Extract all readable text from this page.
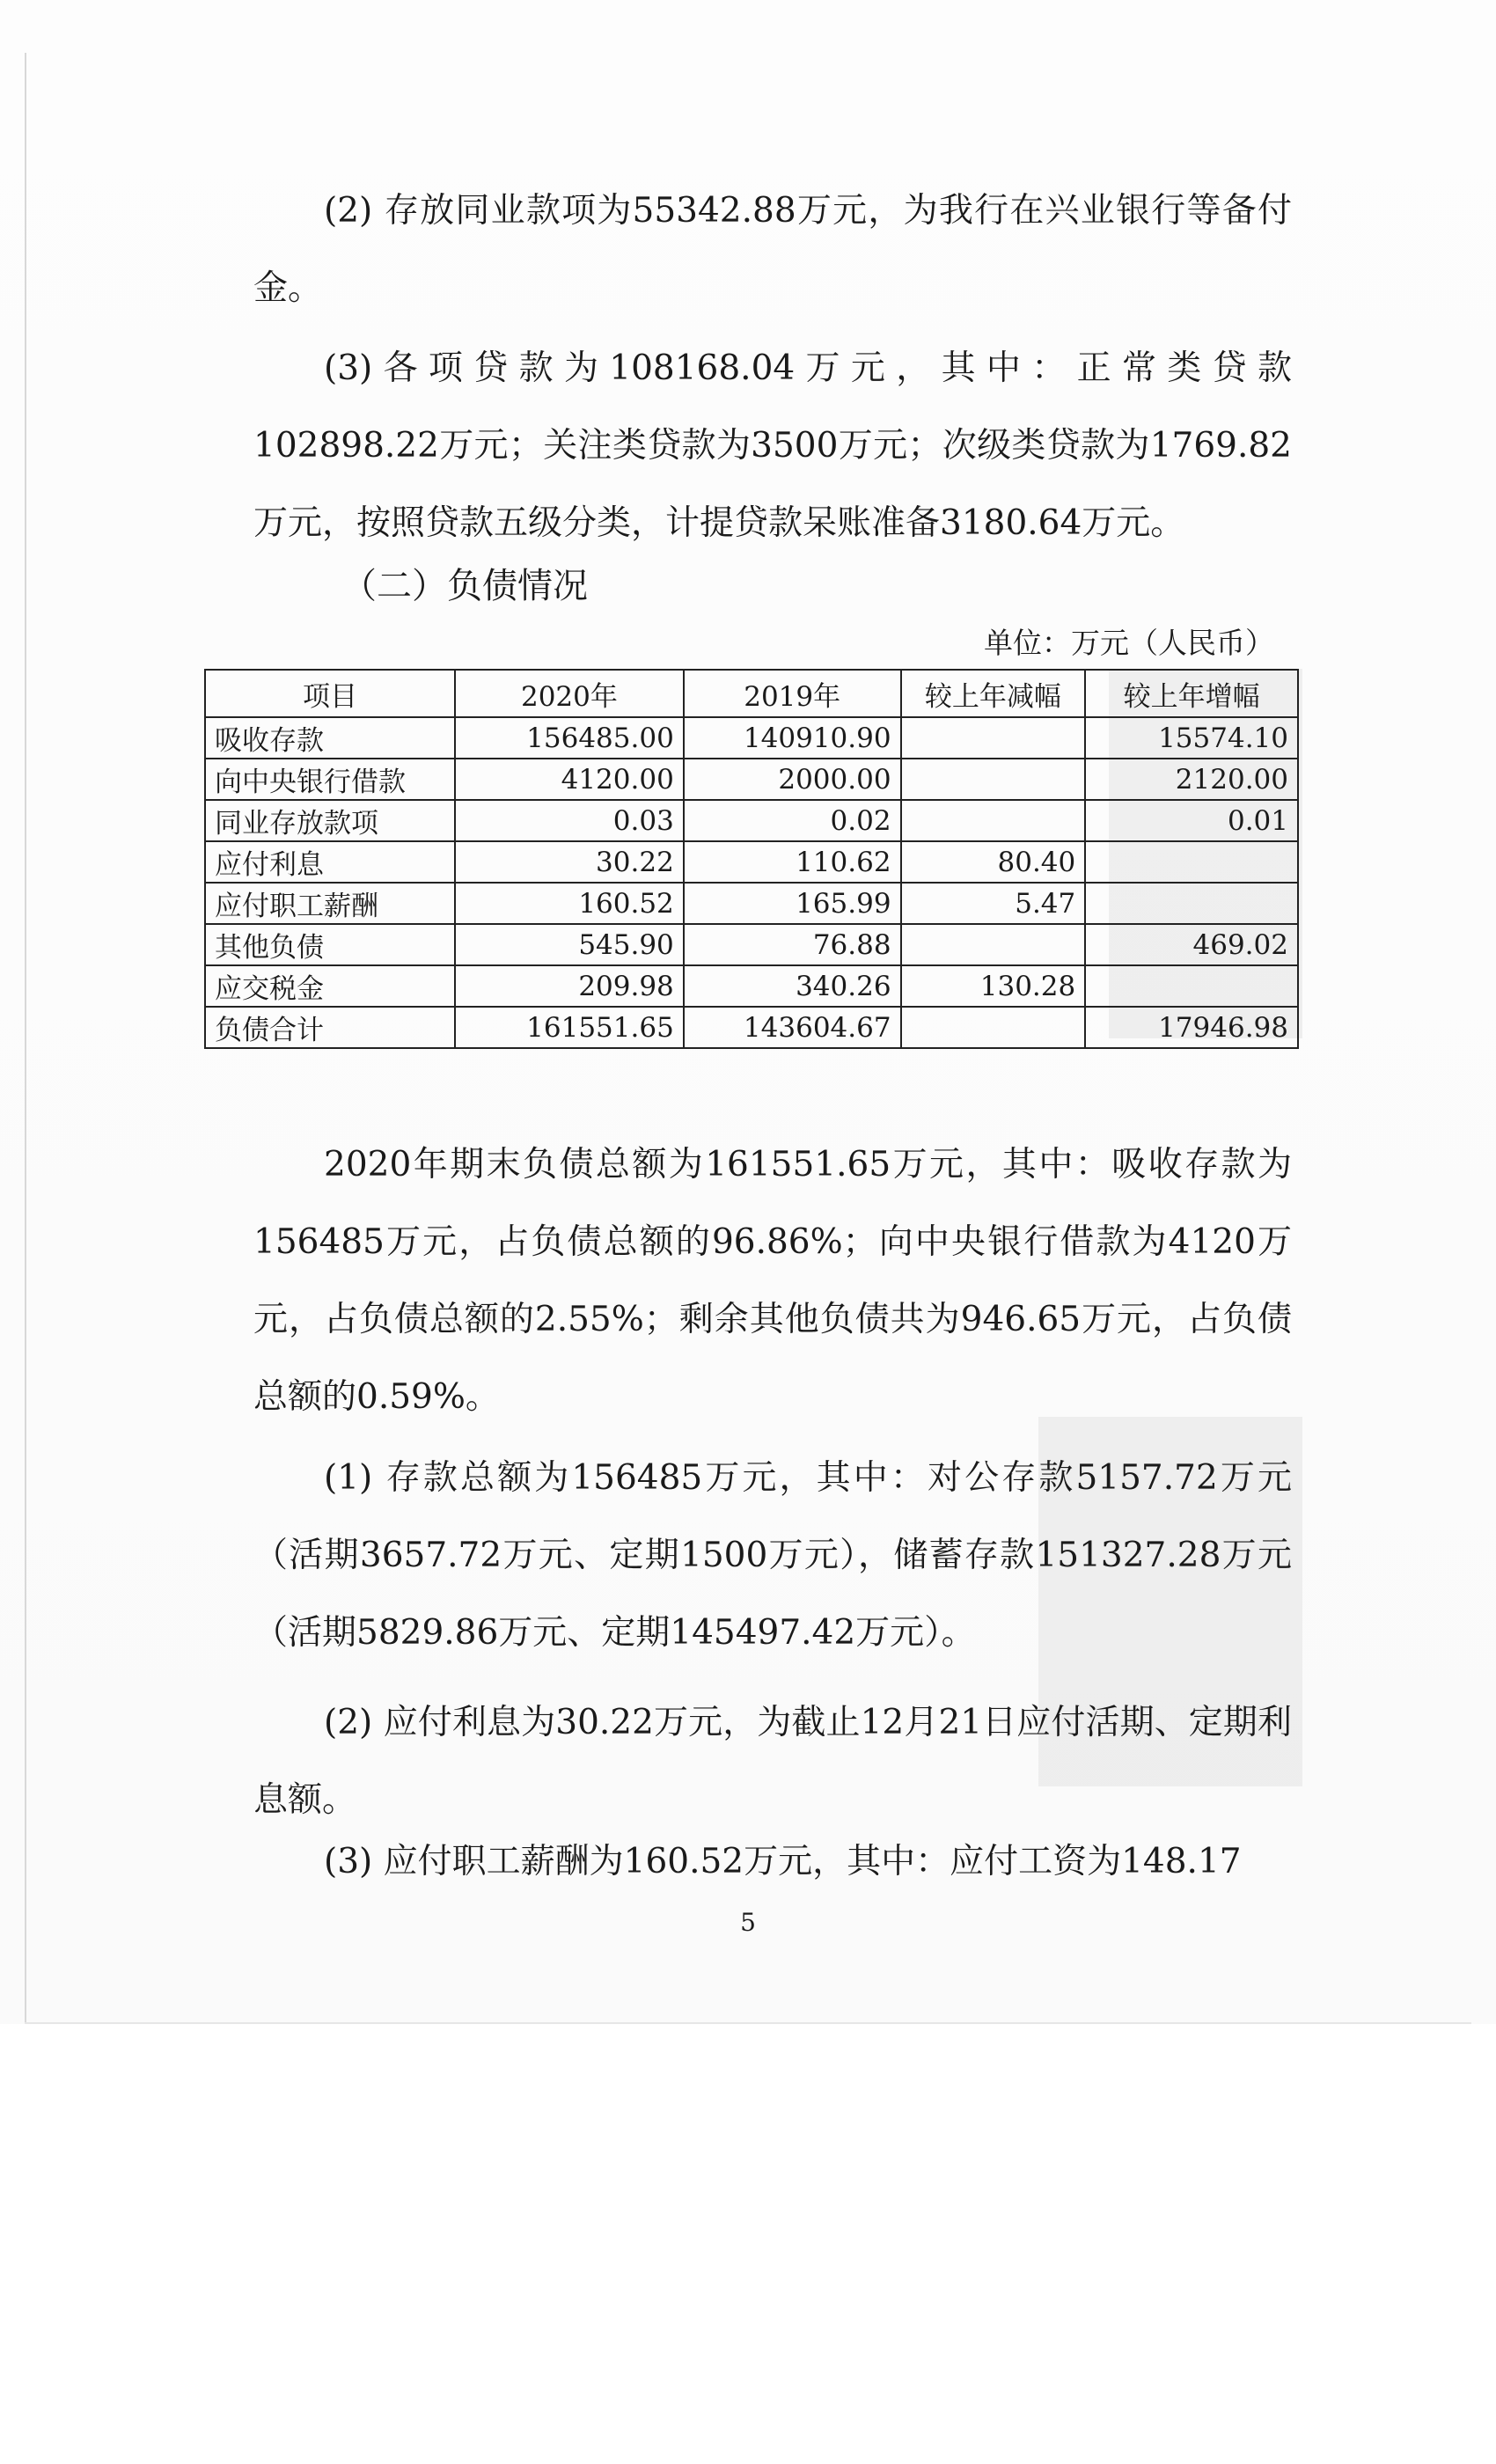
(2) 存放同业款项为55342.88万元，为我行在兴业银行等备付金。

(3)各项贷款为108168.04万元，其中：正常类贷款102898.22万元；关注类贷款为3500万元；次级类贷款为1769.82万元，按照贷款五级分类，计提贷款呆账准备3180.64万元。

（二）负债情况

单位：万元（人民币）
项目	2020年	2019年	较上年减幅	较上年增幅
吸收存款	156485.00	140910.90		15574.10
向中央银行借款	4120.00	2000.00		2120.00
同业存放款项	0.03	0.02		0.01
应付利息	30.22	110.62	80.40	
应付职工薪酬	160.52	165.99	5.47	
其他负债	545.90	76.88		469.02
应交税金	209.98	340.26	130.28	
负债合计	161551.65	143604.67		17946.98

2020年期末负债总额为161551.65万元，其中：吸收存款为156485万元，占负债总额的96.86%；向中央银行借款为4120万元，占负债总额的2.55%；剩余其他负债共为946.65万元，占负债总额的0.59%。

(1) 存款总额为156485万元，其中：对公存款5157.72万元（活期3657.72万元、定期1500万元），储蓄存款151327.28万元（活期5829.86万元、定期145497.42万元）。

(2) 应付利息为30.22万元，为截止12月21日应付活期、定期利息额。

(3) 应付职工薪酬为160.52万元，其中：应付工资为148.17

5
